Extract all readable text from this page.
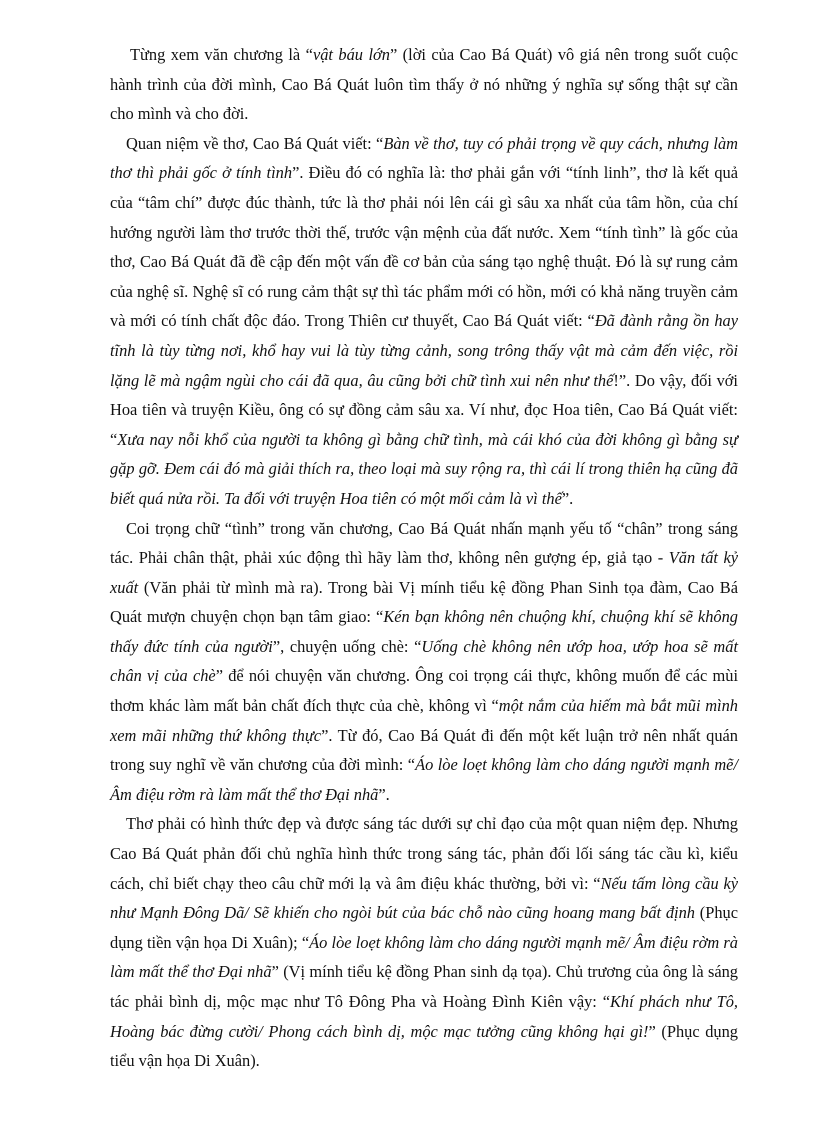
Từng xem văn chương là “vật báu lớn” (lời của Cao Bá Quát) vô giá nên trong suốt cuộc hành trình của đời mình, Cao Bá Quát luôn tìm thấy ở nó những ý nghĩa sự sống thật sự cần cho mình và cho đời.

Quan niệm về thơ, Cao Bá Quát viết: “Bàn về thơ, tuy có phải trọng về quy cách, nhưng làm thơ thì phải gốc ở tính tình”. Điều đó có nghĩa là: thơ phải gắn với “tính linh”, thơ là kết quả của “tâm chí” được đúc thành, tức là thơ phải nói lên cái gì sâu xa nhất của tâm hồn, của chí hướng người làm thơ trước thời thế, trước vận mệnh của đất nước. Xem “tính tình” là gốc của thơ, Cao Bá Quát đã đề cập đến một vấn đề cơ bản của sáng tạo nghệ thuật. Đó là sự rung cảm của nghệ sĩ. Nghệ sĩ có rung cảm thật sự thì tác phẩm mới có hồn, mới có khả năng truyền cảm và mới có tính chất độc đáo. Trong Thiên cư thuyết, Cao Bá Quát viết: “Đã đành rằng ồn hay tĩnh là tùy từng nơi, khổ hay vui là tùy từng cảnh, song trông thấy vật mà cảm đến việc, rồi lặng lẽ mà ngậm ngùi cho cái đã qua, âu cũng bởi chữ tình xui nên như thế!”. Do vậy, đối với Hoa tiên và truyện Kiều, ông có sự đồng cảm sâu xa. Ví như, đọc Hoa tiên, Cao Bá Quát viết: “Xưa nay nỗi khổ của người ta không gì bằng chữ tình, mà cái khó của đời không gì bằng sự gặp gỡ. Đem cái đó mà giải thích ra, theo loại mà suy rộng ra, thì cái lí trong thiên hạ cũng đã biết quá nửa rồi. Ta đối với truyện Hoa tiên có một mối cảm là vì thế”.

Coi trọng chữ “tình” trong văn chương, Cao Bá Quát nhấn mạnh yếu tố “chân” trong sáng tác. Phải chân thật, phải xúc động thì hãy làm thơ, không nên gượng ép, giả tạo - Văn tất kỷ xuất (Văn phải từ mình mà ra). Trong bài Vị mính tiểu kệ đồng Phan Sinh tọa đàm, Cao Bá Quát mượn chuyện chọn bạn tâm giao: “Kén bạn không nên chuộng khí, chuộng khí sẽ không thấy đức tính của người”, chuyện uống chè: “Uống chè không nên ướp hoa, ướp hoa sẽ mất chân vị của chè” để nói chuyện văn chương. Ông coi trọng cái thực, không muốn để các mùi thơm khác làm mất bản chất đích thực của chè, không vì “một nắm của hiếm mà bắt mũi mình xem mãi những thứ không thực”. Từ đó, Cao Bá Quát đi đến một kết luận trở nên nhất quán trong suy nghĩ về văn chương của đời mình: “Áo lòe loẹt không làm cho dáng người mạnh mẽ/ Âm điệu rờm rà làm mất thể thơ Đại nhã”.

Thơ phải có hình thức đẹp và được sáng tác dưới sự chỉ đạo của một quan niệm đẹp. Nhưng Cao Bá Quát phản đối chủ nghĩa hình thức trong sáng tác, phản đối lối sáng tác cầu kì, kiểu cách, chỉ biết chạy theo câu chữ mới lạ và âm điệu khác thường, bởi vì: “Nếu tấm lòng cầu kỳ như Mạnh Đông Dã/ Sẽ khiến cho ngòi bút của bác chỗ nào cũng hoang mang bất định (Phục dụng tiền vận họa Di Xuân); “Áo lòe loẹt không làm cho dáng người mạnh mẽ/ Âm điệu rờm rà làm mất thể thơ Đại nhã” (Vị mính tiểu kệ đồng Phan sinh dạ tọa). Chủ trương của ông là sáng tác phải bình dị, mộc mạc như Tô Đông Pha và Hoàng Đình Kiên vậy: “Khí phách như Tô, Hoàng bác đừng cười/ Phong cách bình dị, mộc mạc tưởng cũng không hại gì!” (Phục dụng tiểu vận họa Di Xuân).
